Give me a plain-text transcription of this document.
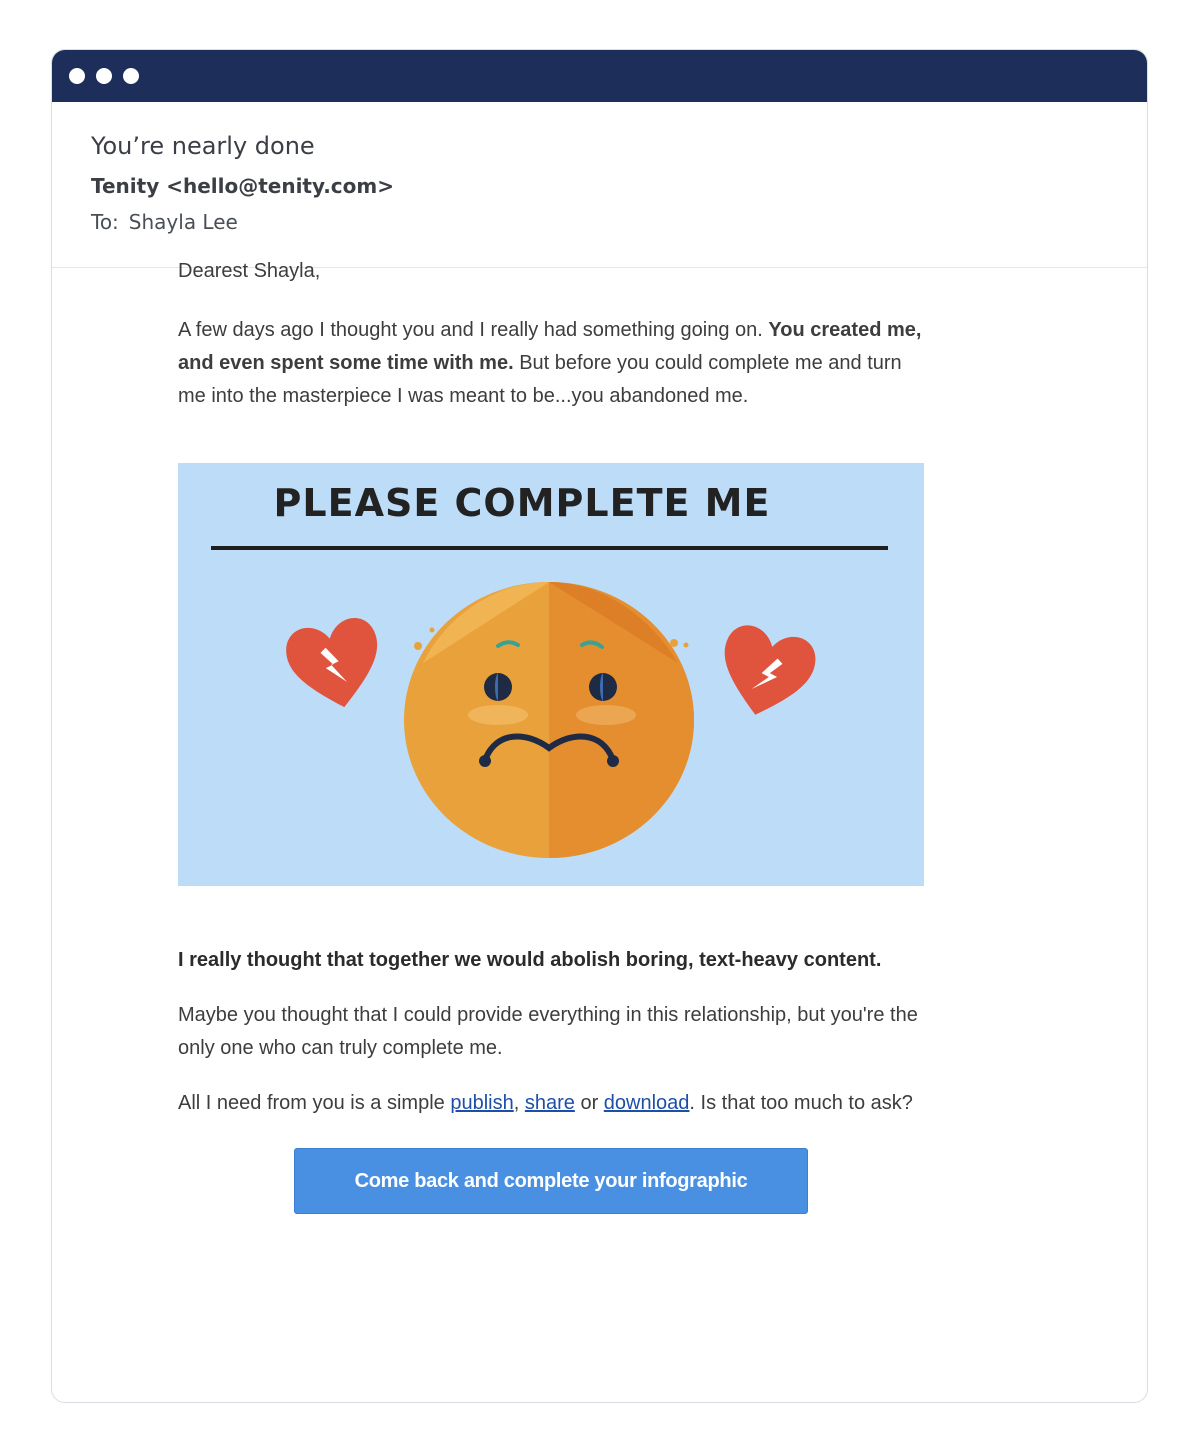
You’re nearly done
Tenity <hello@tenity.com>
To: Shayla Lee

Dearest Shayla,

A few days ago I thought you and I really had something going on. You created me, and even spent some time with me. But before you could complete me and turn me into the masterpiece I was meant to be...you abandoned me.

PLEASE COMPLETE ME

I really thought that together we would abolish boring, text-heavy content.

Maybe you thought that I could provide everything in this relationship, but you're the only one who can truly complete me.

All I need from you is a simple publish, share or download. Is that too much to ask?

Come back and complete your infographic
